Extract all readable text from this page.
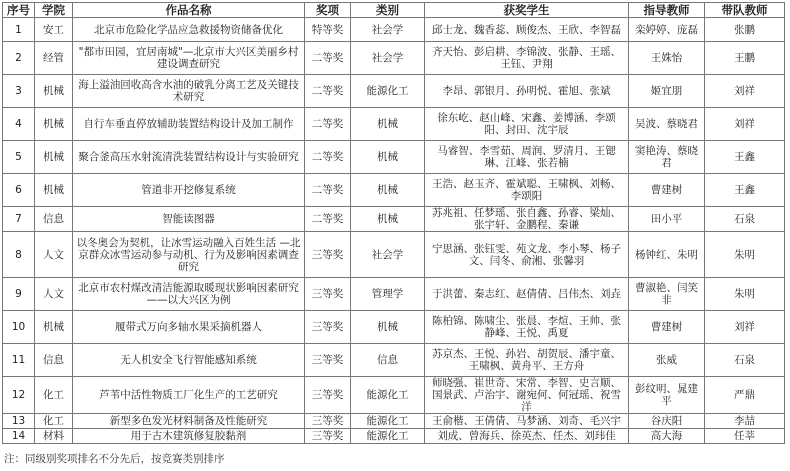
序号	学院	作品名称	奖项	类别	获奖学生	指导教师	带队教师
1	安工	北京市危险化学品应急救援物资储备优化	特等奖	社会学	邱士龙、魏香蕊、顾俊杰、王欣、李智磊	栾婷婷、庞磊	张鹏
2	经管	"都市田园，宜居南城"—北京市大兴区美丽乡村建设调查研究	二等奖	社会学	齐天怡、彭启耕、李锦波、张静、王瑶、王钰、尹翔	王姝怡	王鹏
3	机械	海上溢油回收高含水油的破乳分离工艺及关键技术研究	二等奖	能源化工	李昂、郭银月、孙明悦、霍旭、张斌	姬宜朋	刘祥
4	机械	自行车垂直停放辅助装置结构设计及加工制作	二等奖	机械	徐东屹、赵山峰、宋鑫、姜博涵、李颂阳、封田、沈宇辰	吴波、蔡晓君	刘祥
5	机械	聚合釜高压水射流清洗装置结构设计与实验研究	二等奖	机械	马睿智、李雪茹、周润、罗清月、王锶琳、江峰、张若楠	窦艳涛、蔡晓君	王鑫
6	机械	管道非开挖修复系统	二等奖	机械	王浩、赵玉齐、霍斌聪、王啸枫、刘畅、李颂阳	曹建树	王鑫
7	信息	智能读图器	二等奖	机械	苏兆祖、任梦瑶、张自鑫、孙睿、梁灿、张宇轩、金鹏程、秦谦	田小平	石泉
8	人文	以冬奥会为契机，让冰雪运动融入百姓生活 —北京群众冰雪运动参与动机、行为及影响因素调查研究	三等奖	社会学	宁思涵、张钰雯、苑文龙、李小琴、杨子文、闫冬、俞湘、张馨羽	杨钟红、朱明	朱明
9	人文	北京市农村煤改清洁能源取暖现状影响因素研究 ——以大兴区为例	三等奖	管理学	于洪蕾、秦志红、赵倩倩、吕伟杰、刘垚	曹淑艳、闫笑非	朱明
10	机械	履带式万向多轴水果采摘机器人	三等奖	机械	陈柏锦、陈啸尘、张晨、李煊、王帅、张静峰、王悦、禹夏	曹建树	刘祥
11	信息	无人机安全飞行智能感知系统	三等奖	信息	苏京杰、王悦、孙岩、胡贺辰、潘宇童、王啸枫、黄舟平、王方舟	张威	石泉
12	化工	芦苇中活性物质工厂化生产的工艺研究	三等奖	能源化工	师晓强、崔世奇、宋常、李智、史言顺、国景武、卢治宇、谢宛何、何冠瑶、祝雪洋	彭纹明、晁建平	严鼎
13	化工	新型多色发光材料制备及性能研究	三等奖	能源化工	王俞楷、王倩倩、马梦涵、刘奇、毛兴宇	谷庆阳	李喆
14	材料	用于古木建筑修复胶黏剂	三等奖	能源化工	刘成、曾海兵、徐英杰、任杰、刘玮佳	高大海	任莘
注：同级别奖项排名不分先后，按竞赛类别排序
